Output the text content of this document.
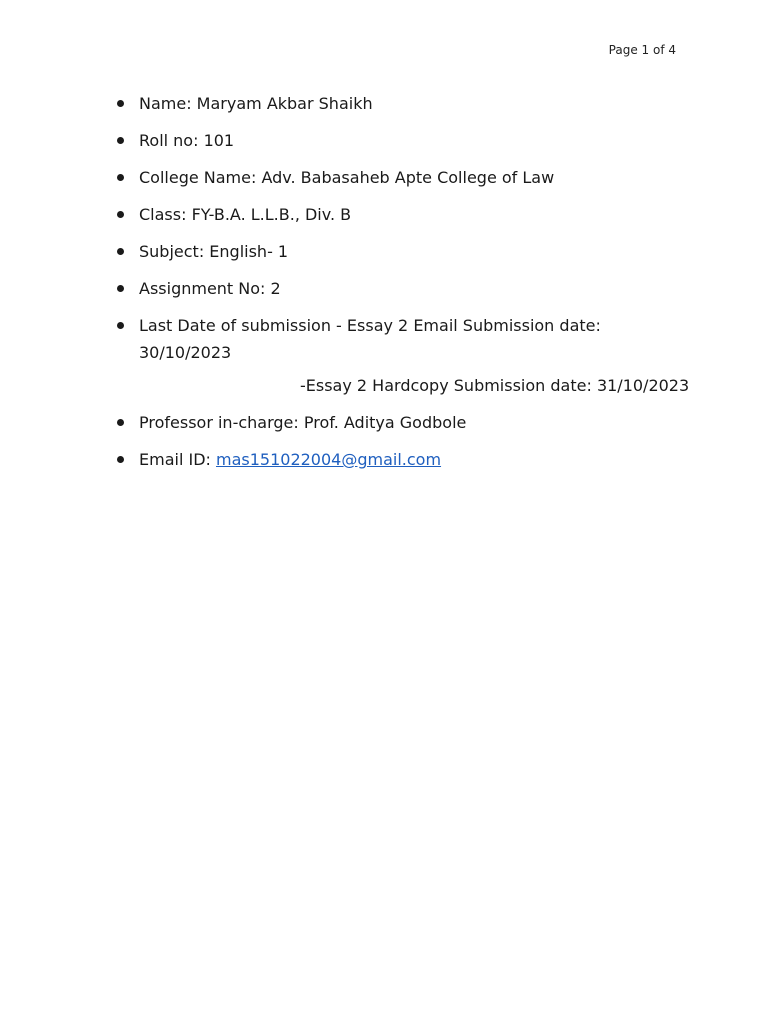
Page 1 of 4
Name: Maryam Akbar Shaikh
Roll no: 101
College Name: Adv. Babasaheb Apte College of Law
Class: FY-B.A. L.L.B., Div. B
Subject: English- 1
Assignment No: 2
Last Date of submission - Essay 2 Email Submission date: 30/10/2023
-Essay 2 Hardcopy Submission date: 31/10/2023
Professor in-charge: Prof. Aditya Godbole
Email ID: mas151022004@gmail.com
